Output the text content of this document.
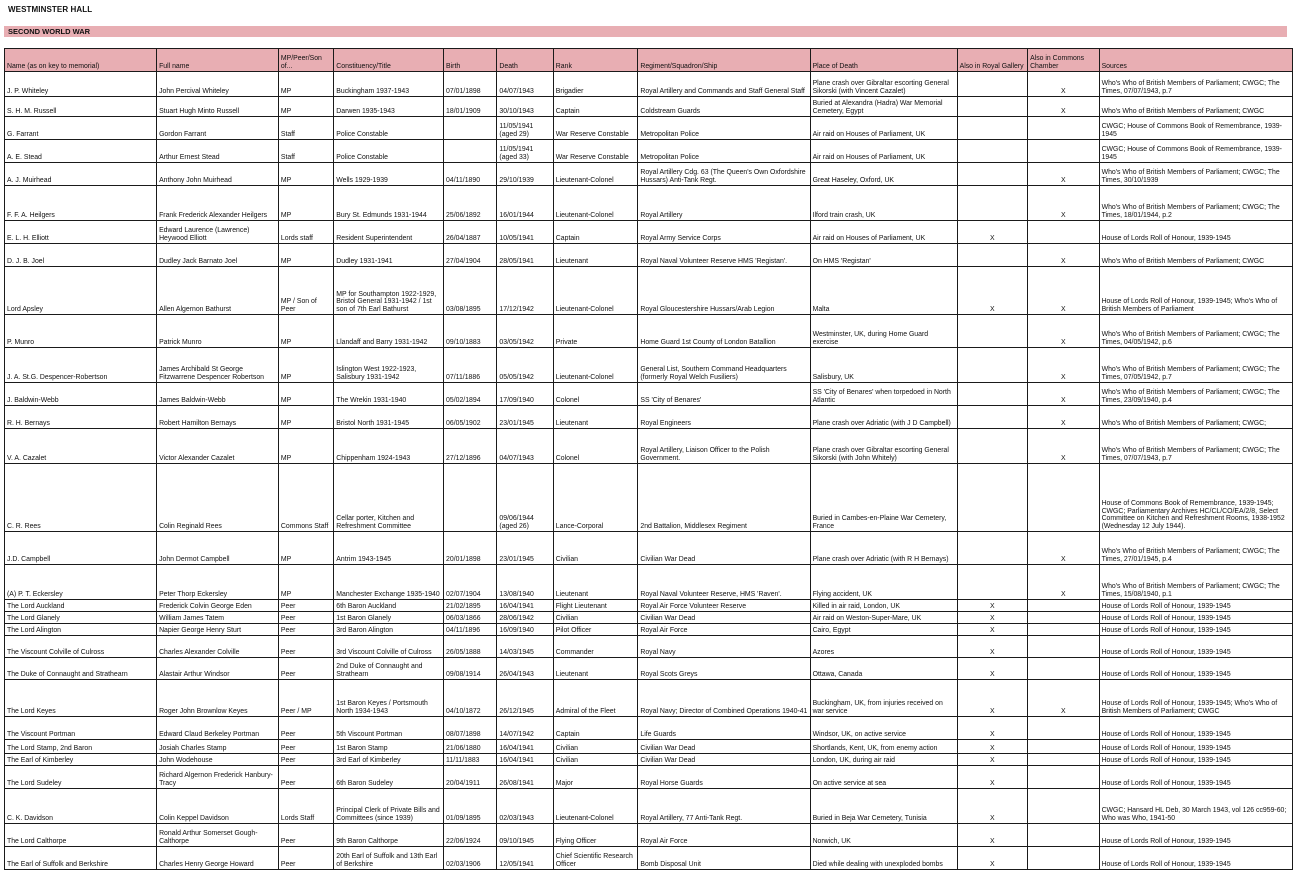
WESTMINSTER HALL
SECOND WORLD WAR
Name (as on key to memorial)	Full name	MP/Peer/Son of...	Constituency/Title	Birth	Death	Rank	Regiment/Squadron/Ship	Place of Death	Also in Royal Gallery	Also in Commons Chamber	Sources
J. P. Whiteley	John Percival Whiteley	MP	Buckingham 1937-1943	07/01/1898	04/07/1943	Brigadier	Royal Artillery and Commands and Staff General Staff	Plane crash over Gibraltar escorting General Sikorski (with Vincent Cazalet)		X	Who's Who of British Members of Parliament; CWGC; The Times, 07/07/1943, p.7
S. H. M. Russell	Stuart Hugh Minto Russell	MP	Darwen 1935-1943	18/01/1909	30/10/1943	Captain	Coldstream Guards	Buried at Alexandra (Hadra) War Memorial Cemetery, Egypt		X	Who's Who of British Members of Parliament; CWGC
G. Farrant	Gordon Farrant	Staff	Police Constable		11/05/1941 (aged 29)	War Reserve Constable	Metropolitan Police	Air raid on Houses of Parliament, UK			CWGC; House of Commons Book of Remembrance, 1939-1945
A. E. Stead	Arthur Ernest Stead	Staff	Police Constable		11/05/1941 (aged 33)	War Reserve Constable	Metropolitan Police	Air raid on Houses of Parliament, UK			CWGC; House of Commons Book of Remembrance, 1939-1945
A. J. Muirhead	Anthony John Muirhead	MP	Wells 1929-1939	04/11/1890	29/10/1939	Lieutenant-Colonel	Royal Artillery Cdg. 63 (The Queen's Own Oxfordshire Hussars) Anti-Tank Regt.	Great Haseley, Oxford, UK		X	Who's Who of British Members of Parliament; CWGC; The Times, 30/10/1939
F. F. A. Heilgers	Frank Frederick Alexander Heilgers	MP	Bury St. Edmunds 1931-1944	25/06/1892	16/01/1944	Lieutenant-Colonel	Royal Artillery	Ilford train crash, UK		X	Who's Who of British Members of Parliament; CWGC; The Times, 18/01/1944, p.2
E. L. H. Elliott	Edward Laurence (Lawrence) Heywood Elliott	Lords staff	Resident Superintendent	26/04/1887	10/05/1941	Captain	Royal Army Service Corps	Air raid on Houses of Parliament, UK	X		House of Lords Roll of Honour, 1939-1945
D. J. B. Joel	Dudley Jack Barnato Joel	MP	Dudley 1931-1941	27/04/1904	28/05/1941	Lieutenant	Royal Naval Volunteer Reserve HMS 'Registan'.	On HMS 'Registan'		X	Who's Who of British Members of Parliament; CWGC
Lord Apsley	Allen Algernon Bathurst	MP / Son of Peer	MP for Southampton 1922-1929, Bristol General 1931-1942 / 1st son of 7th Earl Bathurst	03/08/1895	17/12/1942	Lieutenant-Colonel	Royal Gloucestershire Hussars/Arab Legion	Malta	X	X	House of Lords Roll of Honour, 1939-1945; Who's Who of British Members of Parliament
P. Munro	Patrick Munro	MP	Llandaff and Barry 1931-1942	09/10/1883	03/05/1942	Private	Home Guard 1st County of London Batallion	Westminster, UK, during Home Guard exercise		X	Who's Who of British Members of Parliament; CWGC; The Times, 04/05/1942, p.6
J. A. St.G. Despencer-Robertson	James Archibald St George Fitzwarrene Despencer Robertson	MP	Islington West 1922-1923, Salisbury 1931-1942	07/11/1886	05/05/1942	Lieutenant-Colonel	General List, Southern Command Headquarters (formerly Royal Welch Fusiliers)	Salisbury, UK		X	Who's Who of British Members of Parliament; CWGC; The Times, 07/05/1942, p.7
J. Baldwin-Webb	James Baldwin-Webb	MP	The Wrekin 1931-1940	05/02/1894	17/09/1940	Colonel	SS 'City of Benares'	SS 'City of Benares' when torpedoed in North Atlantic		X	Who's Who of British Members of Parliament; CWGC; The Times, 23/09/1940, p.4
R. H. Bernays	Robert Hamilton Bernays	MP	Bristol North 1931-1945	06/05/1902	23/01/1945	Lieutenant	Royal Engineers	Plane crash over Adriatic (with J D Campbell)		X	Who's Who of British Members of Parliament; CWGC;
V. A. Cazalet	Victor Alexander Cazalet	MP	Chippenham 1924-1943	27/12/1896	04/07/1943	Colonel	Royal Artillery, Liaison Officer to the Polish Government.	Plane crash over Gibraltar escorting General Sikorski (with John Whitely)		X	Who's Who of British Members of Parliament; CWGC; The Times, 07/07/1943, p.7
C. R. Rees	Colin Reginald Rees	Commons Staff	Cellar porter, Kitchen and Refreshment Committee		09/06/1944 (aged 26)	Lance-Corporal	2nd Battalion, Middlesex Regiment	Buried in Cambes-en-Plaine War Cemetery, France			House of Commons Book of Remembrance, 1939-1945; CWGC; Parliamentary Archives HC/CL/CO/EA/2/8, Select Committee on Kitchen and Refreshment Rooms, 1938-1952 (Wednesday 12 July 1944).
J.D. Campbell	John Dermot Campbell	MP	Antrim 1943-1945	20/01/1898	23/01/1945	Civilian	Civilian War Dead	Plane crash over Adriatic (with R H Bernays)		X	Who's Who of British Members of Parliament; CWGC; The Times, 27/01/1945, p.4
(A) P. T. Eckersley	Peter Thorp Eckersley	MP	Manchester Exchange 1935-1940	02/07/1904	13/08/1940	Lieutenant	Royal Naval Volunteer Reserve, HMS 'Raven'.	Flying accident, UK		X	Who's Who of British Members of Parliament; CWGC; The Times, 15/08/1940, p.1
The Lord Auckland	Frederick Colvin George Eden	Peer	6th Baron Auckland	21/02/1895	16/04/1941	Flight Lieutenant	Royal Air Force Volunteer Reserve	Killed in air raid, London, UK	X		House of Lords Roll of Honour, 1939-1945
The Lord Glanely	William James Tatem	Peer	1st Baron Glanely	06/03/1866	28/06/1942	Civilian	Civilian War Dead	Air raid on Weston-Super-Mare, UK	X		House of Lords Roll of Honour, 1939-1945
The Lord Alington	Napier George Henry Sturt	Peer	3rd Baron Alington	04/11/1896	16/09/1940	Pilot Officer	Royal Air Force	Cairo, Egypt	X		House of Lords Roll of Honour, 1939-1945
The Viscount Colville of Culross	Charles Alexander Colville	Peer	3rd Viscount Colville of Culross	26/05/1888	14/03/1945	Commander	Royal Navy	Azores	X		House of Lords Roll of Honour, 1939-1945
The Duke of Connaught and Strathearn	Alastair Arthur Windsor	Peer	2nd Duke of Connaught and Strathearn	09/08/1914	26/04/1943	Lieutenant	Royal Scots Greys	Ottawa, Canada	X		House of Lords Roll of Honour, 1939-1945
The Lord Keyes	Roger John Brownlow Keyes	Peer / MP	1st Baron Keyes / Portsmouth North 1934-1943	04/10/1872	26/12/1945	Admiral of the Fleet	Royal Navy; Director of Combined Operations 1940-41	Buckingham, UK, from injuries received on war service	X	X	House of Lords Roll of Honour, 1939-1945; Who's Who of British Members of Parliament; CWGC
The Viscount Portman	Edward Claud Berkeley Portman	Peer	5th Viscount Portman	08/07/1898	14/07/1942	Captain	Life Guards	Windsor, UK, on active service	X		House of Lords Roll of Honour, 1939-1945
The Lord Stamp, 2nd Baron	Josiah Charles Stamp	Peer	1st Baron Stamp	21/06/1880	16/04/1941	Civilian	Civilian War Dead	Shortlands, Kent, UK, from enemy action	X		House of Lords Roll of Honour, 1939-1945
The Earl of Kimberley	John Wodehouse	Peer	3rd Earl of Kimberley	11/11/1883	16/04/1941	Civilian	Civilian War Dead	London, UK, during air raid	X		House of Lords Roll of Honour, 1939-1945
The Lord Sudeley	Richard Algernon Frederick Hanbury-Tracy	Peer	6th Baron Sudeley	20/04/1911	26/08/1941	Major	Royal Horse Guards	On active service at sea	X		House of Lords Roll of Honour, 1939-1945
C. K. Davidson	Colin Keppel Davidson	Lords Staff	Principal Clerk of Private Bills and Committees (since 1939)	01/09/1895	02/03/1943	Lieutenant-Colonel	Royal Artillery, 77 Anti-Tank Regt.	Buried in Beja War Cemetery, Tunisia	X		CWGC; Hansard HL Deb, 30 March 1943, vol 126 cc959-60; Who was Who, 1941-50
The Lord Calthorpe	Ronald Arthur Somerset Gough-Calthorpe	Peer	9th Baron Calthorpe	22/06/1924	09/10/1945	Flying Officer	Royal Air Force	Norwich, UK	X		House of Lords Roll of Honour, 1939-1945
The Earl of Suffolk and Berkshire	Charles Henry George Howard	Peer	20th Earl of Suffolk and 13th Earl of Berkshire	02/03/1906	12/05/1941	Chief Scientific Research Officer	Bomb Disposal Unit	Died while dealing with unexploded bombs	X		House of Lords Roll of Honour, 1939-1945
